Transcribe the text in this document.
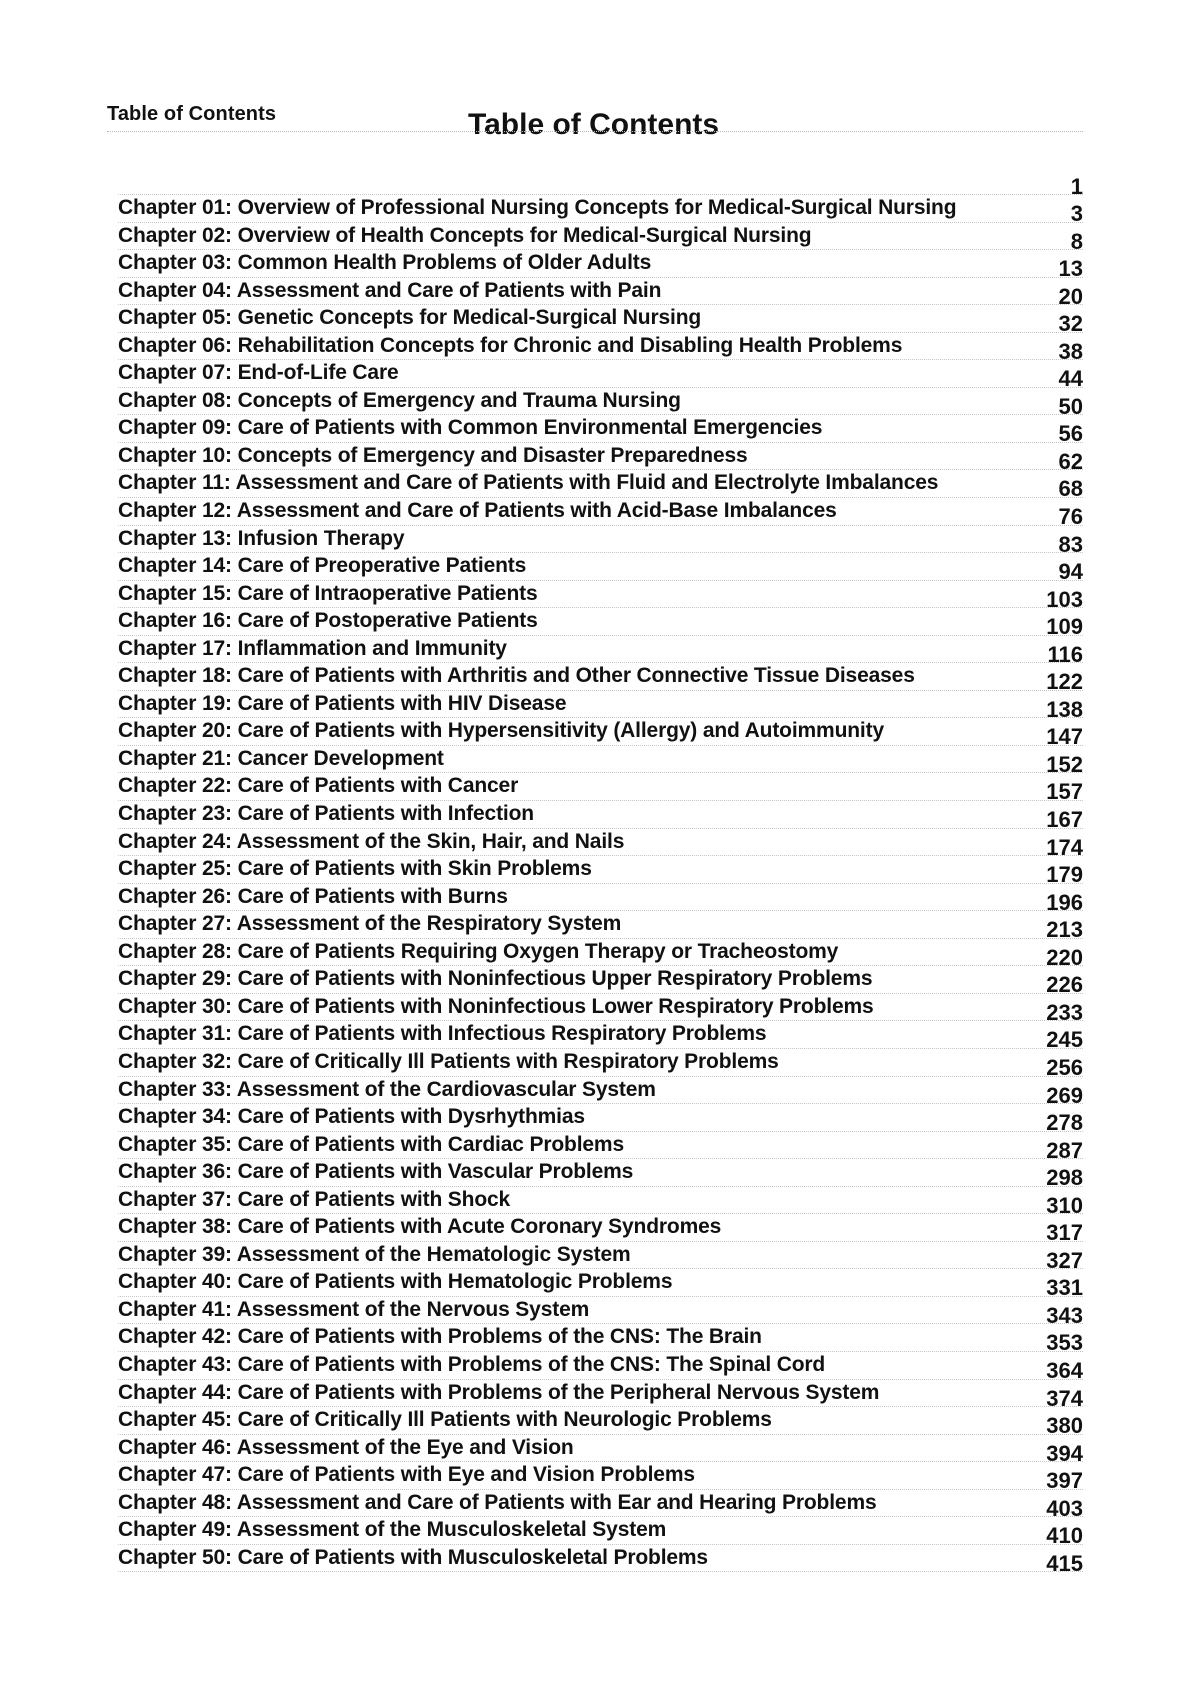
Table of Contents	Table of Contents
1
Chapter 01: Overview of Professional Nursing Concepts for Medical-Surgical Nursing	3
Chapter 02: Overview of Health Concepts for Medical-Surgical Nursing	8
Chapter 03: Common Health Problems of Older Adults	13
Chapter 04: Assessment and Care of Patients with Pain	20
Chapter 05: Genetic Concepts for Medical-Surgical Nursing	32
Chapter 06: Rehabilitation Concepts for Chronic and Disabling Health Problems	38
Chapter 07: End-of-Life Care	44
Chapter 08: Concepts of Emergency and Trauma Nursing	50
Chapter 09: Care of Patients with Common Environmental Emergencies	56
Chapter 10: Concepts of Emergency and Disaster Preparedness	62
Chapter 11: Assessment and Care of Patients with Fluid and Electrolyte Imbalances	68
Chapter 12: Assessment and Care of Patients with Acid-Base Imbalances	76
Chapter 13: Infusion Therapy	83
Chapter 14: Care of Preoperative Patients	94
Chapter 15: Care of Intraoperative Patients	103
Chapter 16: Care of Postoperative Patients	109
Chapter 17: Inflammation and Immunity	116
Chapter 18: Care of Patients with Arthritis and Other Connective Tissue Diseases	122
Chapter 19: Care of Patients with HIV Disease	138
Chapter 20: Care of Patients with Hypersensitivity (Allergy) and Autoimmunity	147
Chapter 21: Cancer Development	152
Chapter 22: Care of Patients with Cancer	157
Chapter 23: Care of Patients with Infection	167
Chapter 24: Assessment of the Skin, Hair, and Nails	174
Chapter 25: Care of Patients with Skin Problems	179
Chapter 26: Care of Patients with Burns	196
Chapter 27: Assessment of the Respiratory System	213
Chapter 28: Care of Patients Requiring Oxygen Therapy or Tracheostomy	220
Chapter 29: Care of Patients with Noninfectious Upper Respiratory Problems	226
Chapter 30: Care of Patients with Noninfectious Lower Respiratory Problems	233
Chapter 31: Care of Patients with Infectious Respiratory Problems	245
Chapter 32: Care of Critically Ill Patients with Respiratory Problems	256
Chapter 33: Assessment of the Cardiovascular System	269
Chapter 34: Care of Patients with Dysrhythmias	278
Chapter 35: Care of Patients with Cardiac Problems	287
Chapter 36: Care of Patients with Vascular Problems	298
Chapter 37: Care of Patients with Shock	310
Chapter 38: Care of Patients with Acute Coronary Syndromes	317
Chapter 39: Assessment of the Hematologic System	327
Chapter 40: Care of Patients with Hematologic Problems	331
Chapter 41: Assessment of the Nervous System	343
Chapter 42: Care of Patients with Problems of the CNS: The Brain	353
Chapter 43: Care of Patients with Problems of the CNS: The Spinal Cord	364
Chapter 44: Care of Patients with Problems of the Peripheral Nervous System	374
Chapter 45: Care of Critically Ill Patients with Neurologic Problems	380
Chapter 46: Assessment of the Eye and Vision	394
Chapter 47: Care of Patients with Eye and Vision Problems	397
Chapter 48: Assessment and Care of Patients with Ear and Hearing Problems	403
Chapter 49: Assessment of the Musculoskeletal System	410
Chapter 50: Care of Patients with Musculoskeletal Problems	415
